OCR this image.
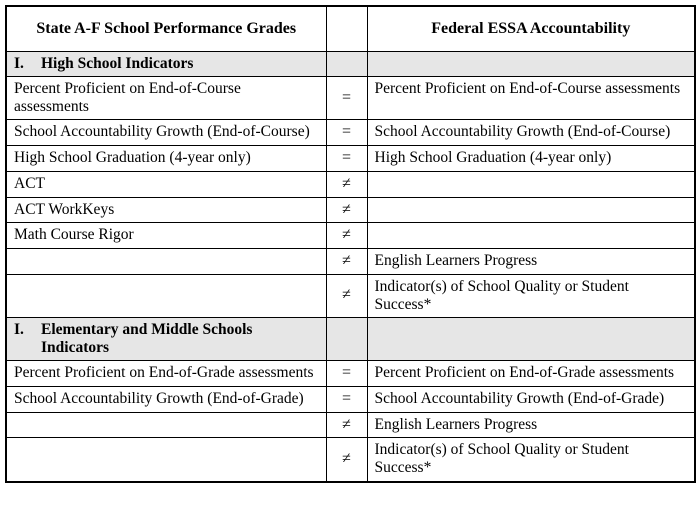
State A-F School Performance Grades		Federal ESSA Accountability

I. High School Indicators		

Percent Proficient on End-of-Course assessments	=	Percent Proficient on End-of-Course assessments
School Accountability Growth (End-of-Course)	=	School Accountability Growth (End-of-Course)
High School Graduation (4-year only)	=	High School Graduation (4-year only)
ACT	≠	
ACT WorkKeys	≠	
Math Course Rigor	≠	
	≠	English Learners Progress
	≠	Indicator(s) of School Quality or Student Success*

I. Elementary and Middle Schools Indicators		

Percent Proficient on End-of-Grade assessments	=	Percent Proficient on End-of-Grade assessments
School Accountability Growth (End-of-Grade)	=	School Accountability Growth (End-of-Grade)
	≠	English Learners Progress
	≠	Indicator(s) of School Quality or Student Success*
